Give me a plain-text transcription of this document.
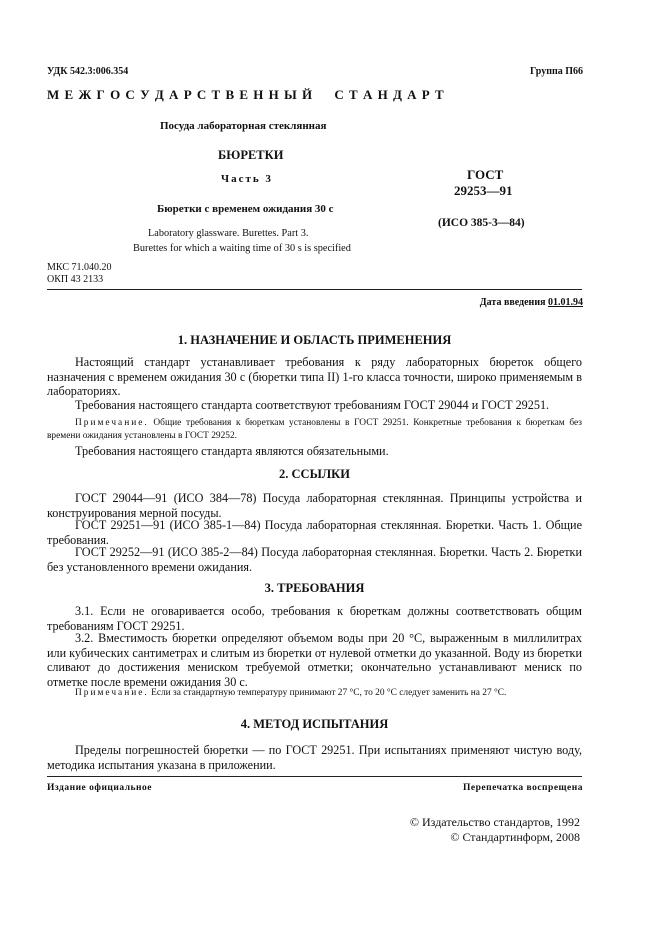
УДК 542.3:006.354	Группа П66
М Е Ж Г О С У Д А Р С Т В Е Н Н Ы Й     С Т А Н Д А Р Т
Посуда лабораторная стеклянная
БЮРЕТКИ
Часть 3
Бюретки с временем ожидания 30 с
Laboratory glassware. Burettes. Part 3.
Burettes for which a waiting time of 30 s is specified
ГОСТ
29253—91
(ИСО 385-3—84)
МКС 71.040.20
ОКП 43 2133
Дата введения 01.01.94
1. НАЗНАЧЕНИЕ И ОБЛАСТЬ ПРИМЕНЕНИЯ
Настоящий стандарт устанавливает требования к ряду лабораторных бюреток общего назначения с временем ожидания 30 с (бюретки типа II) 1-го класса точности, широко применяемым в лабораториях.
Требования настоящего стандарта соответствуют требованиям ГОСТ 29044 и ГОСТ 29251.
Примечание. Общие требования к бюреткам установлены в ГОСТ 29251. Конкретные требования к бюреткам без времени ожидания установлены в ГОСТ 29252.
Требования настоящего стандарта являются обязательными.
2. ССЫЛКИ
ГОСТ 29044—91 (ИСО 384—78) Посуда лабораторная стеклянная. Принципы устройства и конструирования мерной посуды.
ГОСТ 29251—91 (ИСО 385-1—84) Посуда лабораторная стеклянная. Бюретки. Часть 1. Общие требования.
ГОСТ 29252—91 (ИСО 385-2—84) Посуда лабораторная стеклянная. Бюретки. Часть 2. Бюретки без установленного времени ожидания.
3. ТРЕБОВАНИЯ
3.1. Если не оговаривается особо, требования к бюреткам должны соответствовать общим требованиям ГОСТ 29251.
3.2. Вместимость бюретки определяют объемом воды при 20 °С, выраженным в миллилитрах или кубических сантиметрах и слитым из бюретки от нулевой отметки до указанной. Воду из бюретки сливают до достижения мениском требуемой отметки; окончательно устанавливают мениск по отметке после времени ожидания 30 с.
Примечание. Если за стандартную температуру принимают 27 °С, то 20 °С следует заменить на 27 °С.
4. МЕТОД ИСПЫТАНИЯ
Пределы погрешностей бюретки — по ГОСТ 29251. При испытаниях применяют чистую воду, методика испытания указана в приложении.
Издание официальное	Перепечатка воспрещена
© Издательство стандартов, 1992
© Стандартинформ, 2008
